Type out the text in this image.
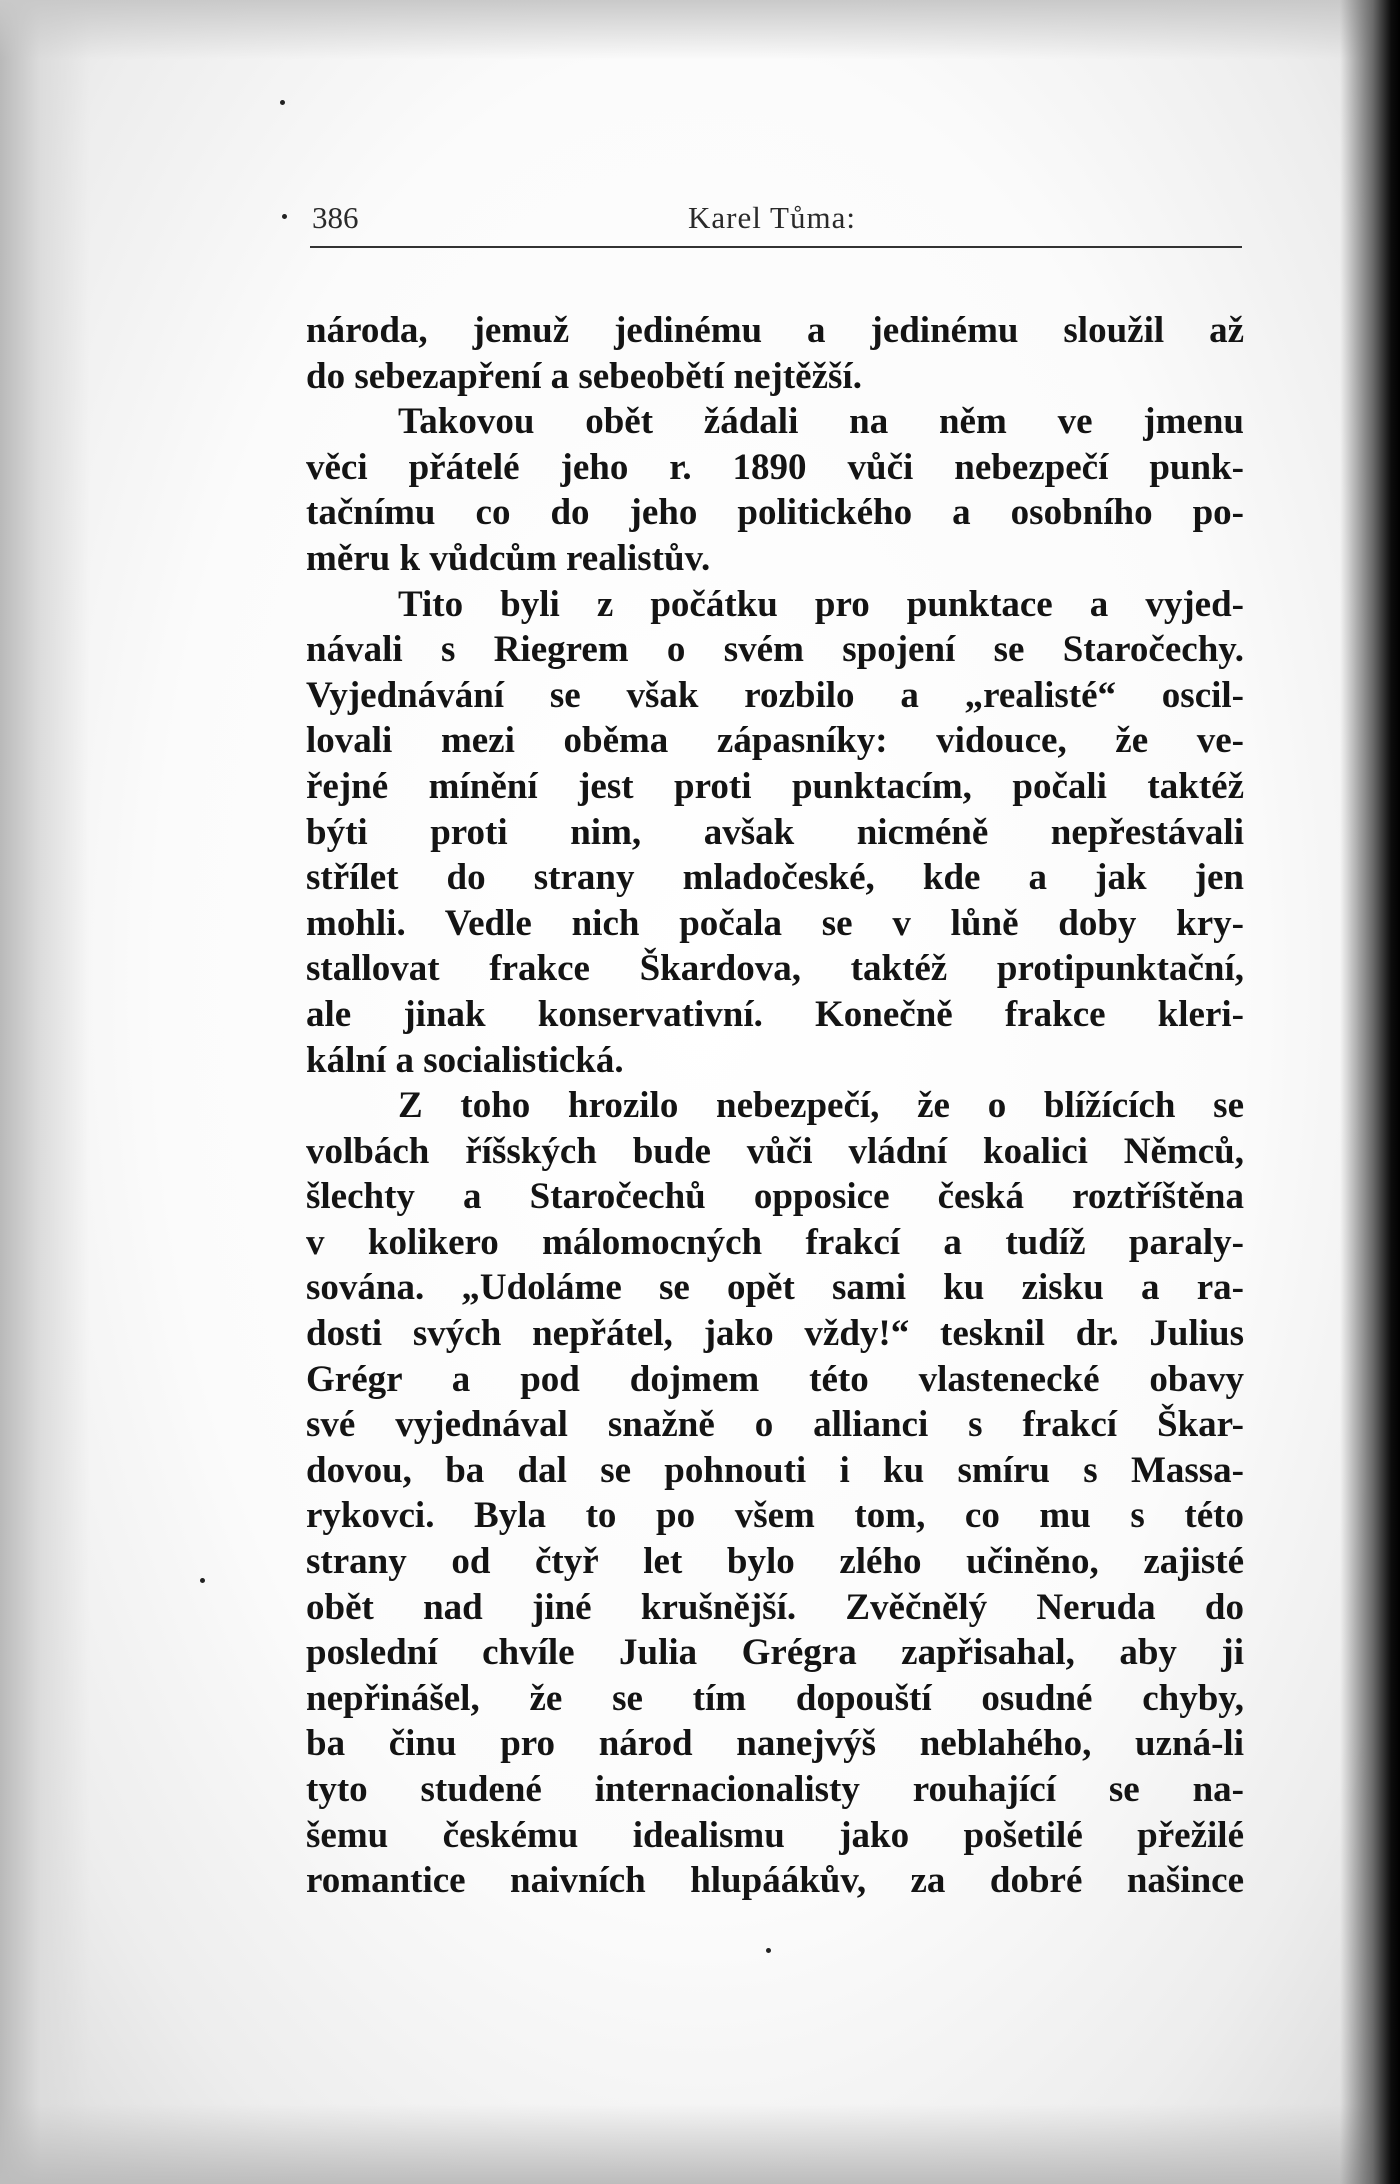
386	Karel Tůma:
národa, jemuž jedinému a jedinému sloužil až
do sebezapření a sebeobětí nejtěžší.
Takovou obět žádali na něm ve jmenu
věci přátelé jeho r. 1890 vůči nebezpečí punk-
tačnímu co do jeho politického a osobního po-
měru k vůdcům realistův.
Tito byli z počátku pro punktace a vyjed-
návali s Riegrem o svém spojení se Staročechy.
Vyjednávání se však rozbilo a „realisté“ oscil-
lovali mezi oběma zápasníky: vidouce, že ve-
řejné mínění jest proti punktacím, počali taktéž
býti proti nim, avšak nicméně nepřestávali
střílet do strany mladočeské, kde a jak jen
mohli. Vedle nich počala se v lůně doby kry-
stallovat frakce Škardova, taktéž protipunktační,
ale jinak konservativní. Konečně frakce kleri-
kální a socialistická.
Z toho hrozilo nebezpečí, že o blížících se
volbách říšských bude vůči vládní koalici Němců,
šlechty a Staročechů opposice česká roztříštěna
v kolikero málomocných frakcí a tudíž paraly-
sována. „Udoláme se opět sami ku zisku a ra-
dosti svých nepřátel, jako vždy!“ tesknil dr. Julius
Grégr a pod dojmem této vlastenecké obavy
své vyjednával snažně o allianci s frakcí Škar-
dovou, ba dal se pohnouti i ku smíru s Massa-
rykovci. Byla to po všem tom, co mu s této
strany od čtyř let bylo zlého učiněno, zajisté
obět nad jiné krušnější. Zvěčnělý Neruda do
poslední chvíle Julia Grégra zapřisahal, aby ji
nepřinášel, že se tím dopouští osudné chyby,
ba činu pro národ nanejvýš neblahého, uzná-li
tyto studené internacionalisty rouhající se na-
šemu českému idealismu jako pošetilé přežilé
romantice naivních hlupáákův, za dobré našince
